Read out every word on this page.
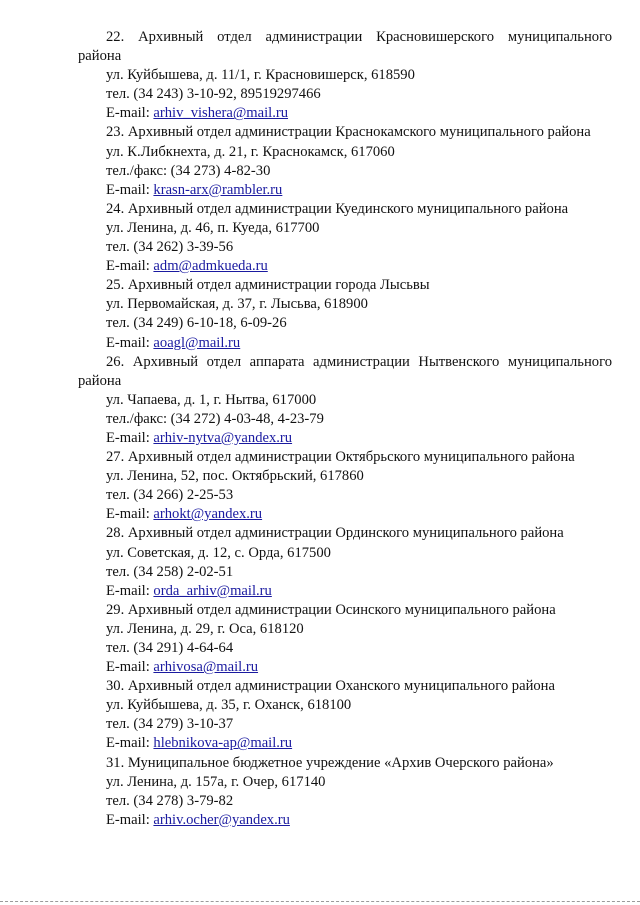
22. Архивный отдел администрации Красновишерского муниципального
района
ул. Куйбышева, д. 11/1, г. Красновишерск, 618590
тел. (34 243) 3-10-92, 89519297466
E-mail: arhiv_vishera@mail.ru
23. Архивный отдел администрации Краснокамского муниципального района
ул. К.Либкнехта, д. 21, г. Краснокамск, 617060
тел./факс: (34 273) 4-82-30
E-mail: krasn-arx@rambler.ru
24. Архивный отдел администрации Куединского муниципального района
ул. Ленина, д. 46, п. Куеда, 617700
тел. (34 262) 3-39-56
E-mail: adm@admkueda.ru
25. Архивный отдел администрации города Лысьвы
ул. Первомайская, д. 37, г. Лысьва, 618900
тел. (34 249) 6-10-18, 6-09-26
E-mail: aoagl@mail.ru
26. Архивный отдел аппарата администрации Нытвенского муниципального
района
ул. Чапаева, д. 1, г. Нытва, 617000
тел./факс: (34 272) 4-03-48, 4-23-79
E-mail: arhiv-nytva@yandex.ru
27. Архивный отдел администрации Октябрьского муниципального района
ул. Ленина, 52, пос. Октябрьский, 617860
тел. (34 266) 2-25-53
E-mail: arhokt@yandex.ru
28. Архивный отдел администрации Ординского муниципального района
ул. Советская, д. 12, с. Орда, 617500
тел. (34 258) 2-02-51
E-mail: orda_arhiv@mail.ru
29. Архивный отдел администрации Осинского муниципального района
ул. Ленина, д. 29, г. Оса, 618120
тел. (34 291) 4-64-64
E-mail: arhivosa@mail.ru
30. Архивный отдел администрации Оханского муниципального района
ул. Куйбышева, д. 35, г. Оханск, 618100
тел. (34 279) 3-10-37
E-mail: hlebnikova-ap@mail.ru
31. Муниципальное бюджетное учреждение «Архив Очерского района»
ул. Ленина, д. 157а, г. Очер, 617140
тел. (34 278) 3-79-82
E-mail: arhiv.ocher@yandex.ru
